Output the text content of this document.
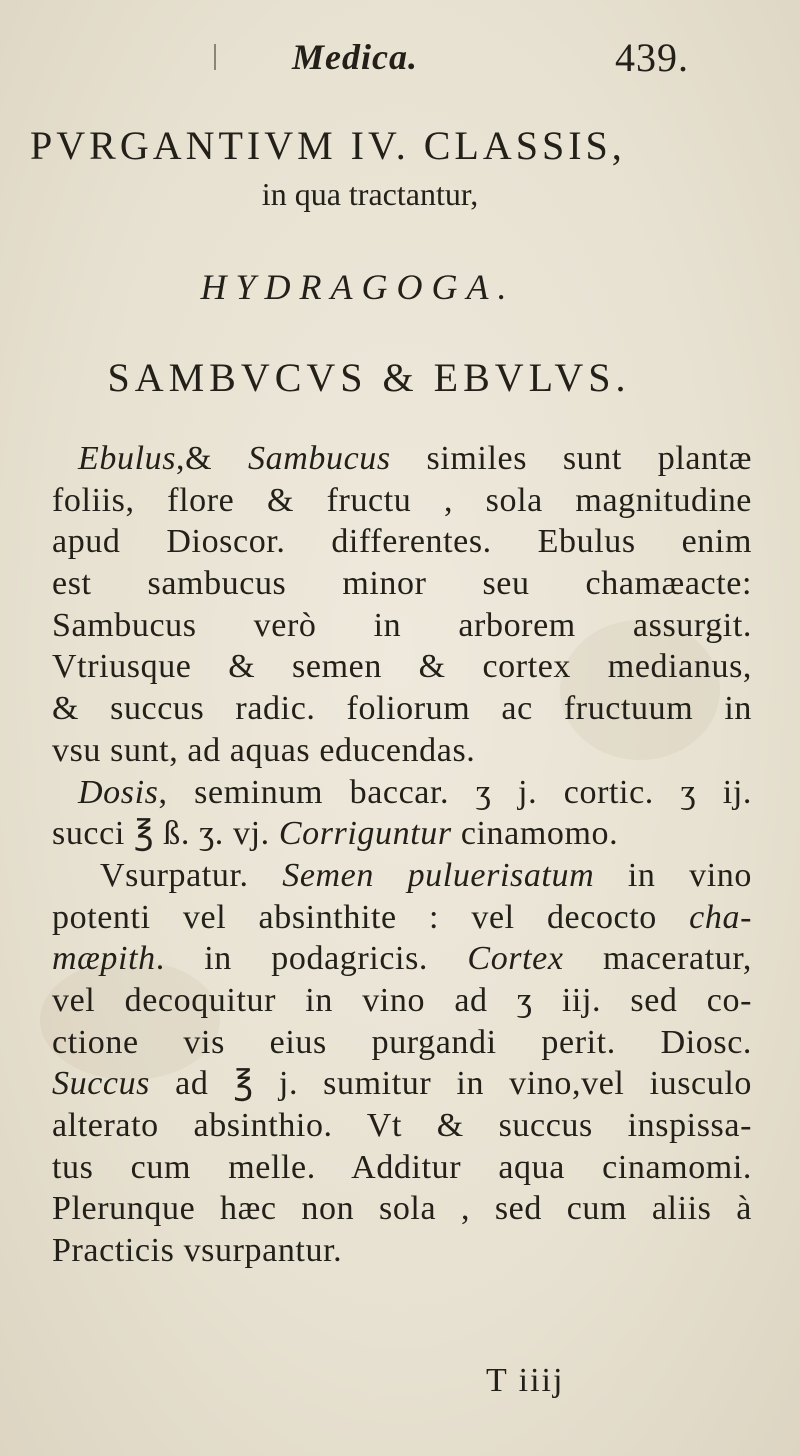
Medica.	439.
PVRGANTIVM IV. CLASSIS,
in qua tractantur,
HYDRAGOGA.
SAMBVCVS & EBVLVS.
Ebulus,& Sambucus similes sunt plantæ
foliis, flore & fructu , sola magnitudine
apud Dioscor. differentes. Ebulus enim
est sambucus minor seu chamæacte:
Sambucus verò in arborem assurgit.
Vtriusque & semen & cortex medianus,
& succus radic. foliorum ac fructuum in
vsu sunt, ad aquas educendas.
Dosis, seminum baccar. ʒ j. cortic. ʒ ij.
succi ℥ ß. ʒ. vj. Corriguntur cinamomo.
Vsurpatur. Semen puluerisatum in vino
potenti vel absinthite : vel decocto cha-
mæpith. in podagricis. Cortex maceratur,
vel decoquitur in vino ad ʒ iij. sed co-
ctione vis eius purgandi perit. Diosc.
Succus ad ℥ j. sumitur in vino,vel iusculo
alterato absinthio. Vt & succus inspissa-
tus cum melle. Additur aqua cinamomi.
Plerunque hæc non sola , sed cum aliis à
Practicis vsurpantur.
T iiij
